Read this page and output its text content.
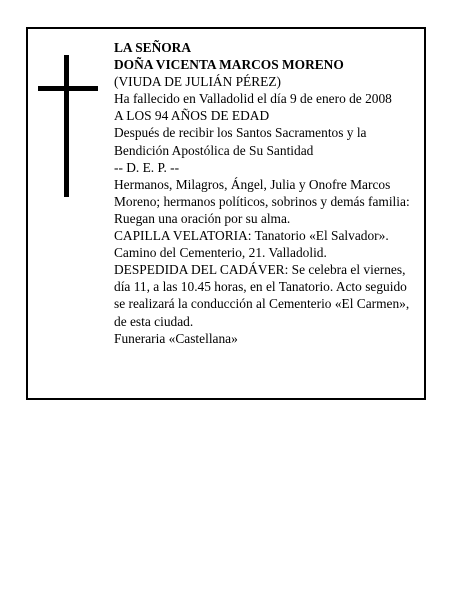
LA SEÑORA
DOÑA VICENTA MARCOS MORENO
(VIUDA DE JULIÁN PÉREZ)
Ha fallecido en Valladolid el día 9 de enero de 2008
A LOS 94 AÑOS DE EDAD
Después de recibir los Santos Sacramentos y la
Bendición Apostólica de Su Santidad
-- D. E. P. --
Hermanos, Milagros, Ángel, Julia y Onofre Marcos
Moreno; hermanos políticos, sobrinos y demás familia:
Ruegan una oración por su alma.
CAPILLA VELATORIA: Tanatorio «El Salvador».
Camino del Cementerio, 21. Valladolid.
DESPEDIDA DEL CADÁVER: Se celebra el viernes,
día 11, a las 10.45 horas, en el Tanatorio. Acto seguido
se realizará la conducción al Cementerio «El Carmen»,
de esta ciudad.
Funeraria «Castellana»
